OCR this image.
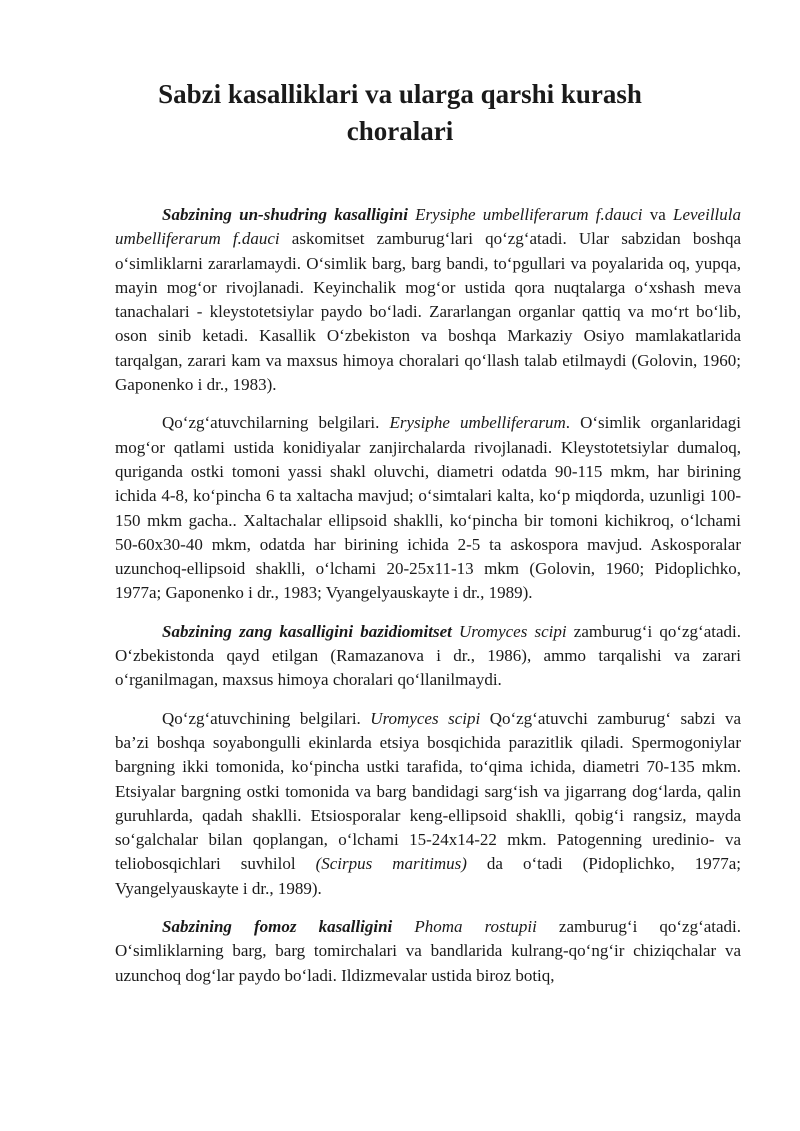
Sabzi kasalliklari va ularga qarshi kurash choralari

Sabzining un-shudring kasalligini Erysiphe umbelliferarum f.dauci va Leveillula umbelliferarum f.dauci askomitset zamburug‘lari qo‘zg‘atadi. Ular sabzidan boshqa o‘simliklarni zararlamaydi. O‘simlik barg, barg bandi, to‘pgullari va poyalarida oq, yupqa, mayin mog‘or rivojlanadi. Keyinchalik mog‘or ustida qora nuqtalarga o‘xshash meva tanachalari - kleystotetsiylar paydo bo‘ladi. Zararlangan organlar qattiq va mo‘rt bo‘lib, oson sinib ketadi. Kasallik O‘zbekiston va boshqa Markaziy Osiyo mamlakatlarida tarqalgan, zarari kam va maxsus himoya choralari qo‘llash talab etilmaydi (Golovin, 1960; Gaponenko i dr., 1983).

Qo‘zg‘atuvchilarning belgilari. Erysiphe umbelliferarum. O‘simlik organlaridagi mog‘or qatlami ustida konidiyalar zanjirchalarda rivojlanadi. Kleystotetsiylar dumaloq, quriganda ostki tomoni yassi shakl oluvchi, diametri odatda 90-115 mkm, har birining ichida 4-8, ko‘pincha 6 ta xaltacha mavjud; o‘simtalari kalta, ko‘p miqdorda, uzunligi 100-150 mkm gacha.. Xaltachalar ellipsoid shaklli, ko‘pincha bir tomoni kichikroq, o‘lchami 50-60x30-40 mkm, odatda har birining ichida 2-5 ta askospora mavjud. Askosporalar uzunchoq-ellipsoid shaklli, o‘lchami 20-25x11-13 mkm (Golovin, 1960; Pidoplichko, 1977a; Gaponenko i dr., 1983; Vyangelyauskayte i dr., 1989).

Sabzining zang kasalligini bazidiomitset Uromyces scipi zamburug‘i qo‘zg‘atadi. O‘zbekistonda qayd etilgan (Ramazanova i dr., 1986), ammo tarqalishi va zarari o‘rganilmagan, maxsus himoya choralari qo‘llanilmaydi.

Qo‘zg‘atuvchining belgilari. Uromyces scipi Qo‘zg‘atuvchi zamburug‘ sabzi va ba’zi boshqa soyabongulli ekinlarda etsiya bosqichida parazitlik qiladi. Spermogoniylar bargning ikki tomonida, ko‘pincha ustki tarafida, to‘qima ichida, diametri 70-135 mkm. Etsiyalar bargning ostki tomonida va barg bandidagi sarg‘ish va jigarrang dog‘larda, qalin guruhlarda, qadah shaklli. Etsiosporalar keng-ellipsoid shaklli, qobig‘i rangsiz, mayda so‘galchalar bilan qoplangan, o‘lchami 15-24x14-22 mkm. Patogenning uredinio- va teliobosqichlari suvhilol (Scirpus maritimus) da o‘tadi (Pidoplichko, 1977a; Vyangelyauskayte i dr., 1989).

Sabzining fomoz kasalligini Phoma rostupii zamburug‘i qo‘zg‘atadi. O‘simliklarning barg, barg tomirchalari va bandlarida kulrang-qo‘ng‘ir chiziqchalar va uzunchoq dog‘lar paydo bo‘ladi. Ildizmevalar ustida biroz botiq,
